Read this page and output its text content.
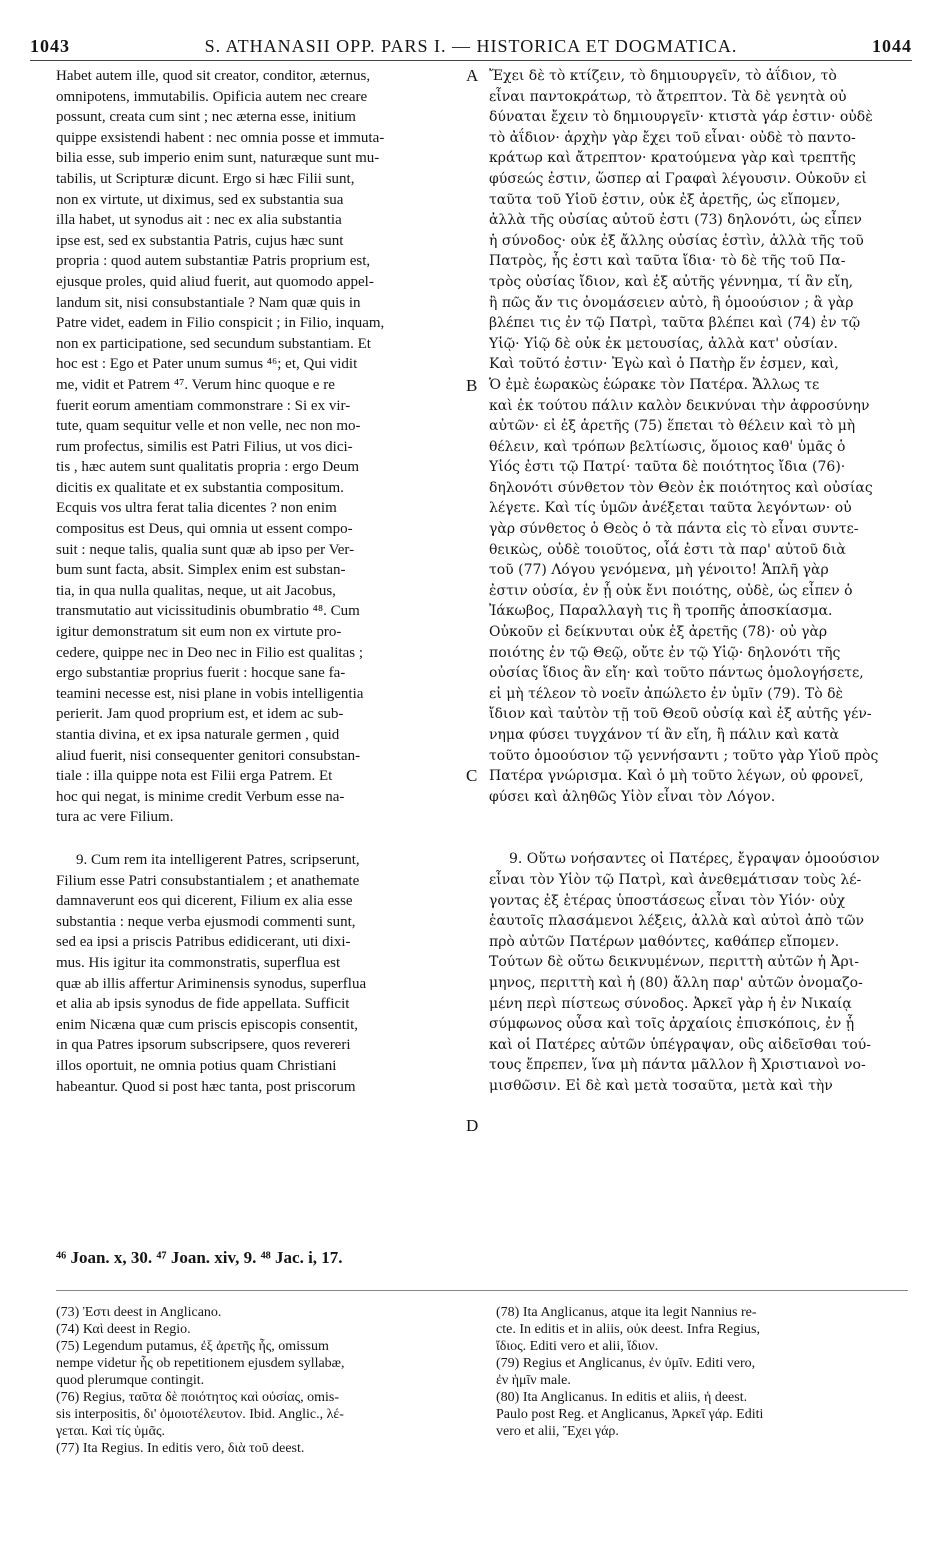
1043	S. ATHANASII OPP. PARS I. — HISTORICA ET DOGMATICA.	1044
A
B
C
D
Habet autem ille, quod sit creator, conditor, æternus,
omnipotens, immutabilis. Opificia autem nec creare
possunt, creata cum sint ; nec æterna esse, initium
quippe exsistendi habent : nec omnia posse et immuta-
bilia esse, sub imperio enim sunt, naturæque sunt mu-
tabilis, ut Scripturæ dicunt. Ergo si hæc Filii sunt,
non ex virtute, ut diximus, sed ex substantia sua
illa habet, ut synodus ait : nec ex alia substantia
ipse est, sed ex substantia Patris, cujus hæc sunt
propria : quod autem substantiæ Patris proprium est,
ejusque proles, quid aliud fuerit, aut quomodo appel-
landum sit, nisi consubstantiale ? Nam quæ quis in
Patre videt, eadem in Filio conspicit ; in Filio, inquam,
non ex participatione, sed secundum substantiam. Et
hoc est : Ego et Pater unum sumus ⁴⁶; et, Qui vidit
me, vidit et Patrem ⁴⁷. Verum hinc quoque e re
fuerit eorum amentiam commonstrare : Si ex vir-
tute, quam sequitur velle et non velle, nec non mo-
rum profectus, similis est Patri Filius, ut vos dici-
tis , hæc autem sunt qualitatis propria : ergo Deum
dicitis ex qualitate et ex substantia compositum.
Ecquis vos ultra ferat talia dicentes ? non enim
compositus est Deus, qui omnia ut essent compo-
suit : neque talis, qualia sunt quæ ab ipso per Ver-
bum sunt facta, absit. Simplex enim est substan-
tia, in qua nulla qualitas, neque, ut ait Jacobus,
transmutatio aut vicissitudinis obumbratio ⁴⁸. Cum
igitur demonstratum sit eum non ex virtute pro-
cedere, quippe nec in Deo nec in Filio est qualitas ;
ergo substantiæ proprius fuerit : hocque sane fa-
teamini necesse est, nisi plane in vobis intelligentia
perierit. Jam quod proprium est, et idem ac sub-
stantia divina, et ex ipsa naturale germen , quid
aliud fuerit, nisi consequenter genitori consubstan-
tiale : illa quippe nota est Filii erga Patrem. Et
hoc qui negat, is minime credit Verbum esse na-
tura ac vere Filium.
9. Cum rem ita intelligerent Patres, scripserunt,
Filium esse Patri consubstantialem ; et anathemate
damnaverunt eos qui dicerent, Filium ex alia esse
substantia : neque verba ejusmodi commenti sunt,
sed ea ipsi a priscis Patribus edidicerant, uti dixi-
mus. His igitur ita commonstratis, superflua est
quæ ab illis affertur Ariminensis synodus, superflua
et alia ab ipsis synodus de fide appellata. Sufficit
enim Nicæna quæ cum priscis episcopis consentit,
in qua Patres ipsorum subscripsere, quos revereri
illos oportuit, ne omnia potius quam Christiani
habeantur. Quod si post hæc tanta, post priscorum
Ἔχει δὲ τὸ κτίζειν, τὸ δημιουργεῖν, τὸ ἀΐδιον, τὸ
εἶναι παντοκράτωρ, τὸ ἄτρεπτον. Τὰ δὲ γενητὰ οὐ
δύναται ἔχειν τὸ δημιουργεῖν· κτιστὰ γάρ ἐστιν· οὐδὲ
τὸ ἀΐδιον· ἀρχὴν γὰρ ἔχει τοῦ εἶναι· οὐδὲ τὸ παντο-
κράτωρ καὶ ἄτρεπτον· κρατούμενα γὰρ καὶ τρεπτῆς
φύσεώς ἐστιν, ὥσπερ αἱ Γραφαὶ λέγουσιν. Οὐκοῦν εἰ
ταῦτα τοῦ Υἱοῦ ἐστιν, οὐκ ἐξ ἀρετῆς, ὡς εἴπομεν,
ἀλλὰ τῆς οὐσίας αὐτοῦ ἐστι (73) δηλονότι, ὡς εἶπεν
ἡ σύνοδος· οὐκ ἐξ ἄλλης οὐσίας ἐστὶν, ἀλλὰ τῆς τοῦ
Πατρὸς, ἧς ἐστι καὶ ταῦτα ἴδια· τὸ δὲ τῆς τοῦ Πα-
τρὸς οὐσίας ἴδιον, καὶ ἐξ αὐτῆς γέννημα, τί ἂν εἴη,
ἢ πῶς ἄν τις ὀνομάσειεν αὐτὸ, ἢ ὁμοούσιον ; ἃ γὰρ
βλέπει τις ἐν τῷ Πατρὶ, ταῦτα βλέπει καὶ (74) ἐν τῷ
Υἱῷ· Υἱῷ δὲ οὐκ ἐκ μετουσίας, ἀλλὰ κατ' οὐσίαν.
Καὶ τοῦτό ἐστιν· Ἐγὼ καὶ ὁ Πατὴρ ἕν ἐσμεν, καὶ,
Ὁ ἐμὲ ἑωρακὼς ἑώρακε τὸν Πατέρα. Ἄλλως τε
καὶ ἐκ τούτου πάλιν καλὸν δεικνύναι τὴν ἀφροσύνην
αὐτῶν· εἰ ἐξ ἀρετῆς (75) ἕπεται τὸ θέλειν καὶ τὸ μὴ
θέλειν, καὶ τρόπων βελτίωσις, ὅμοιος καθ' ὑμᾶς ὁ
Υἱός ἐστι τῷ Πατρί· ταῦτα δὲ ποιότητος ἴδια (76)·
δηλονότι σύνθετον τὸν Θεὸν ἐκ ποιότητος καὶ οὐσίας
λέγετε. Καὶ τίς ὑμῶν ἀνέξεται ταῦτα λεγόντων· οὐ
γὰρ σύνθετος ὁ Θεὸς ὁ τὰ πάντα εἰς τὸ εἶναι συντε-
θεικὼς, οὐδὲ τοιοῦτος, οἷά ἐστι τὰ παρ' αὐτοῦ διὰ
τοῦ (77) Λόγου γενόμενα, μὴ γένοιτο! Ἁπλῆ γὰρ
ἐστιν οὐσία, ἐν ᾗ οὐκ ἔνι ποιότης, οὐδὲ, ὡς εἶπεν ὁ
Ἰάκωβος, Παραλλαγὴ τις ἢ τροπῆς ἀποσκίασμα.
Οὐκοῦν εἰ δείκνυται οὐκ ἐξ ἀρετῆς (78)· οὐ γὰρ
ποιότης ἐν τῷ Θεῷ, οὔτε ἐν τῷ Υἱῷ· δηλονότι τῆς
οὐσίας ἴδιος ἂν εἴη· καὶ τοῦτο πάντως ὁμολογήσετε,
εἰ μὴ τέλεον τὸ νοεῖν ἀπώλετο ἐν ὑμῖν (79). Τὸ δὲ
ἴδιον καὶ ταὐτὸν τῇ τοῦ Θεοῦ οὐσίᾳ καὶ ἐξ αὐτῆς γέν-
νημα φύσει τυγχάνον τί ἂν εἴη, ἢ πάλιν καὶ κατὰ
τοῦτο ὁμοούσιον τῷ γεννήσαντι ; τοῦτο γὰρ Υἱοῦ πρὸς
Πατέρα γνώρισμα. Καὶ ὁ μὴ τοῦτο λέγων, οὐ φρονεῖ,
φύσει καὶ ἀληθῶς Υἱὸν εἶναι τὸν Λόγον.
9. Οὕτω νοήσαντες οἱ Πατέρες, ἔγραψαν ὁμοούσιον
εἶναι τὸν Υἱὸν τῷ Πατρὶ, καὶ ἀνεθεμάτισαν τοὺς λέ-
γοντας ἐξ ἑτέρας ὑποστάσεως εἶναι τὸν Υἱόν· οὐχ
ἑαυτοῖς πλασάμενοι λέξεις, ἀλλὰ καὶ αὐτοὶ ἀπὸ τῶν
πρὸ αὐτῶν Πατέρων μαθόντες, καθάπερ εἴπομεν.
Τούτων δὲ οὕτω δεικνυμένων, περιττὴ αὐτῶν ἡ Ἀρι-
μηνος, περιττὴ καὶ ἡ (80) ἄλλη παρ' αὐτῶν ὀνομαζο-
μένη περὶ πίστεως σύνοδος. Ἀρκεῖ γὰρ ἡ ἐν Νικαίᾳ
σύμφωνος οὖσα καὶ τοῖς ἀρχαίοις ἐπισκόποις, ἐν ᾗ
καὶ οἱ Πατέρες αὐτῶν ὑπέγραψαν, οὓς αἰδεῖσθαι τού-
τους ἔπρεπεν, ἵνα μὴ πάντα μᾶλλον ἢ Χριστιανοὶ νο-
μισθῶσιν. Εἰ δὲ καὶ μετὰ τοσαῦτα, μετὰ καὶ τὴν
⁴⁶ Joan. x, 30. ⁴⁷ Joan. xiv, 9. ⁴⁸ Jac. i, 17.
(73) Ἐστι deest in Anglicano.
(74) Καὶ deest in Regio.
(75) Legendum putamus, ἐξ ἀρετῆς ἧς, omissum
nempe videtur ἧς ob repetitionem ejusdem syllabæ,
quod plerumque contingit.
(76) Regius, ταῦτα δὲ ποιότητος καὶ οὐσίας, omis-
sis interpositis, δι' ὁμοιοτέλευτον. Ibid. Anglic., λέ-
γεται. Καὶ τίς ὑμᾶς.
(77) Ita Regius. In editis vero, διὰ τοῦ deest.
(78) Ita Anglicanus, atque ita legit Nannius re-
cte. In editis et in aliis, οὐκ deest. Infra Regius,
ἴδιος. Editi vero et alii, ἴδιον.
(79) Regius et Anglicanus, ἐν ὑμῖν. Editi vero,
ἐν ἡμῖν male.
(80) Ita Anglicanus. In editis et aliis, ἡ deest.
Paulo post Reg. et Anglicanus, Ἀρκεῖ γάρ. Editi
vero et alii, Ἔχει γάρ.
